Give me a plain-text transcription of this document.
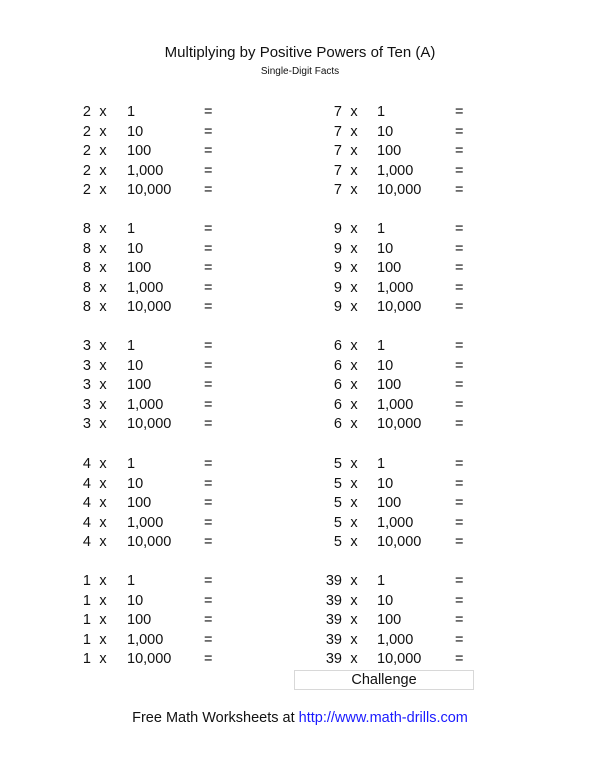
Multiplying by Positive Powers of Ten (A)
Single-Digit Facts
2 x 1	=
2 x 10	=
2 x 100	=
2 x 1,000	=
2 x 10,000 =
7 x 1	=
7 x 10	=
7 x 100	=
7 x 1,000	=
7 x 10,000 =
8 x 1	=
8 x 10	=
8 x 100	=
8 x 1,000	=
8 x 10,000 =
9 x 1	=
9 x 10	=
9 x 100	=
9 x 1,000	=
9 x 10,000 =
3 x 1	=
3 x 10	=
3 x 100	=
3 x 1,000	=
3 x 10,000 =
6 x 1	=
6 x 10	=
6 x 100	=
6 x 1,000	=
6 x 10,000 =
4 x 1	=
4 x 10	=
4 x 100	=
4 x 1,000	=
4 x 10,000 =
5 x 1	=
5 x 10	=
5 x 100	=
5 x 1,000	=
5 x 10,000 =
1 x 1	=
1 x 10	=
1 x 100	=
1 x 1,000	=
1 x 10,000 =
39 x 1	=
39 x 10	=
39 x 100	=
39 x 1,000	=
39 x 10,000 =
Challenge
Free Math Worksheets at http://www.math-drills.com
